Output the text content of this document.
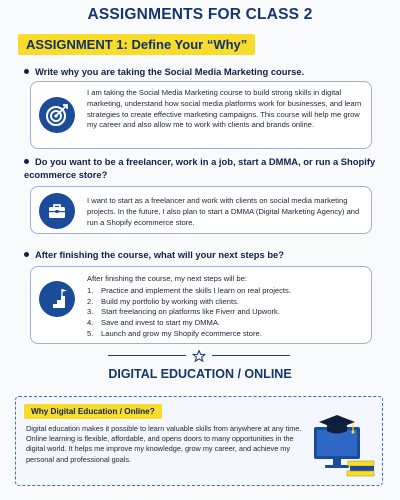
ASSIGNMENTS FOR CLASS 2
ASSIGNMENT 1: Define Your “Why”
Write why you are taking the Social Media Marketing course.
I am taking the Social Media Marketing course to build strong skills in digital marketing, understand how social media platforms work for businesses, and learn strategies to create effective marketing campaigns. This course will help me grow my career and also allow me to work with clients and brands online.
Do you want to be a freelancer, work in a job, start a DMMA, or run a Shopify ecommerce store?
I want to start as a freelancer and work with clients on social media marketing projects. In the future, I also plan to start a DMMA (Digital Marketing Agency) and run a Shopify ecommerce store.
After finishing the course, what will your next steps be?
After finishing the course, my next steps will be:
1.	Practice and implement the skills I learn on real projects.
2.	Build my portfolio by working with clients.
3.	Start freelancing on platforms like Fiverr and Upwork.
4.	Save and invest to start my DMMA.
5.	Launch and grow my Shopify ecommerce store.
DIGITAL EDUCATION / ONLINE
Why Digital Education / Online?
Digital education makes it possible to learn valuable skills from anywhere at any time. Online learning is flexible, affordable, and opens doors to many opportunities in the digital world. It helps me improve my knowledge, grow my career, and achieve my personal and professional goals.
